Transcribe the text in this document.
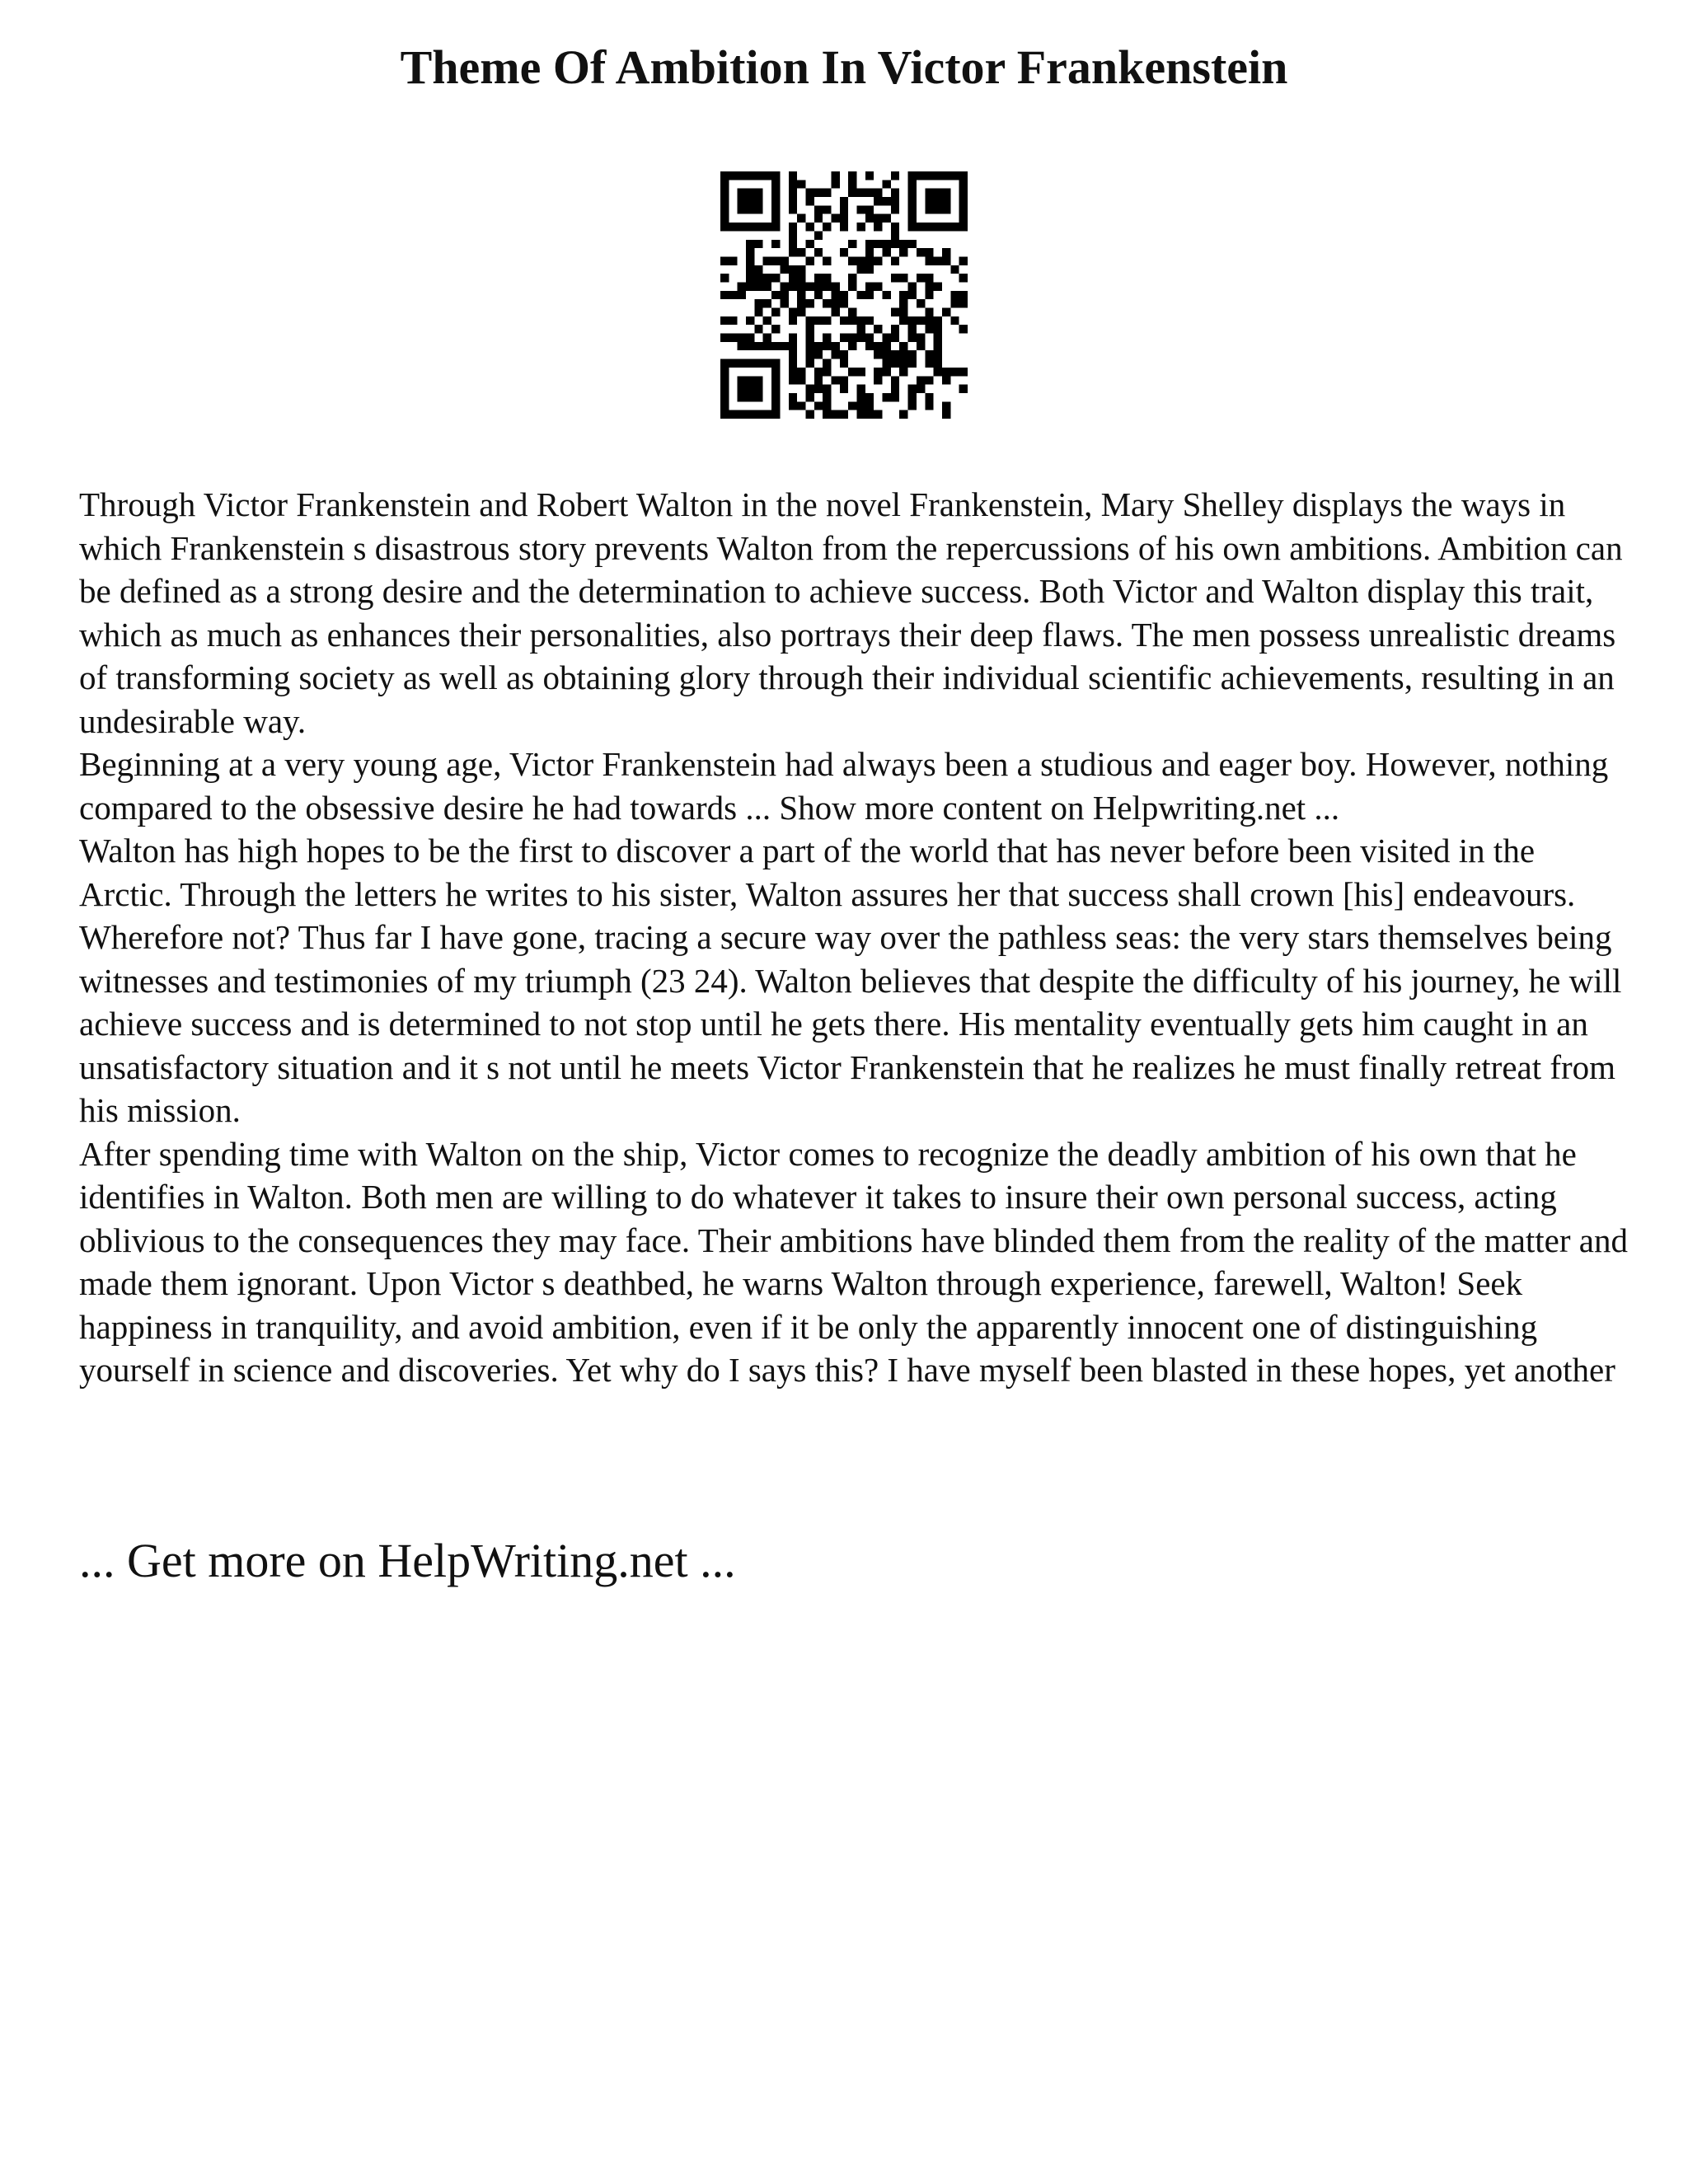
Theme Of Ambition In Victor Frankenstein

Through Victor Frankenstein and Robert Walton in the novel Frankenstein, Mary Shelley displays the ways in which Frankenstein s disastrous story prevents Walton from the repercussions of his own ambitions. Ambition can be defined as a strong desire and the determination to achieve success. Both Victor and Walton display this trait, which as much as enhances their personalities, also portrays their deep flaws. The men possess unrealistic dreams of transforming society as well as obtaining glory through their individual scientific achievements, resulting in an undesirable way.

Beginning at a very young age, Victor Frankenstein had always been a studious and eager boy. However, nothing compared to the obsessive desire he had towards ... Show more content on Helpwriting.net ...

Walton has high hopes to be the first to discover a part of the world that has never before been visited in the Arctic. Through the letters he writes to his sister, Walton assures her that success shall crown [his] endeavours. Wherefore not? Thus far I have gone, tracing a secure way over the pathless seas: the very stars themselves being witnesses and testimonies of my triumph (23 24). Walton believes that despite the difficulty of his journey, he will achieve success and is determined to not stop until he gets there. His mentality eventually gets him caught in an unsatisfactory situation and it s not until he meets Victor Frankenstein that he realizes he must finally retreat from his mission.

After spending time with Walton on the ship, Victor comes to recognize the deadly ambition of his own that he identifies in Walton. Both men are willing to do whatever it takes to insure their own personal success, acting oblivious to the consequences they may face. Their ambitions have blinded them from the reality of the matter and made them ignorant. Upon Victor s deathbed, he warns Walton through experience, farewell, Walton! Seek happiness in tranquility, and avoid ambition, even if it be only the apparently innocent one of distinguishing yourself in science and discoveries. Yet why do I says this? I have myself been blasted in these hopes, yet another

... Get more on HelpWriting.net ...
